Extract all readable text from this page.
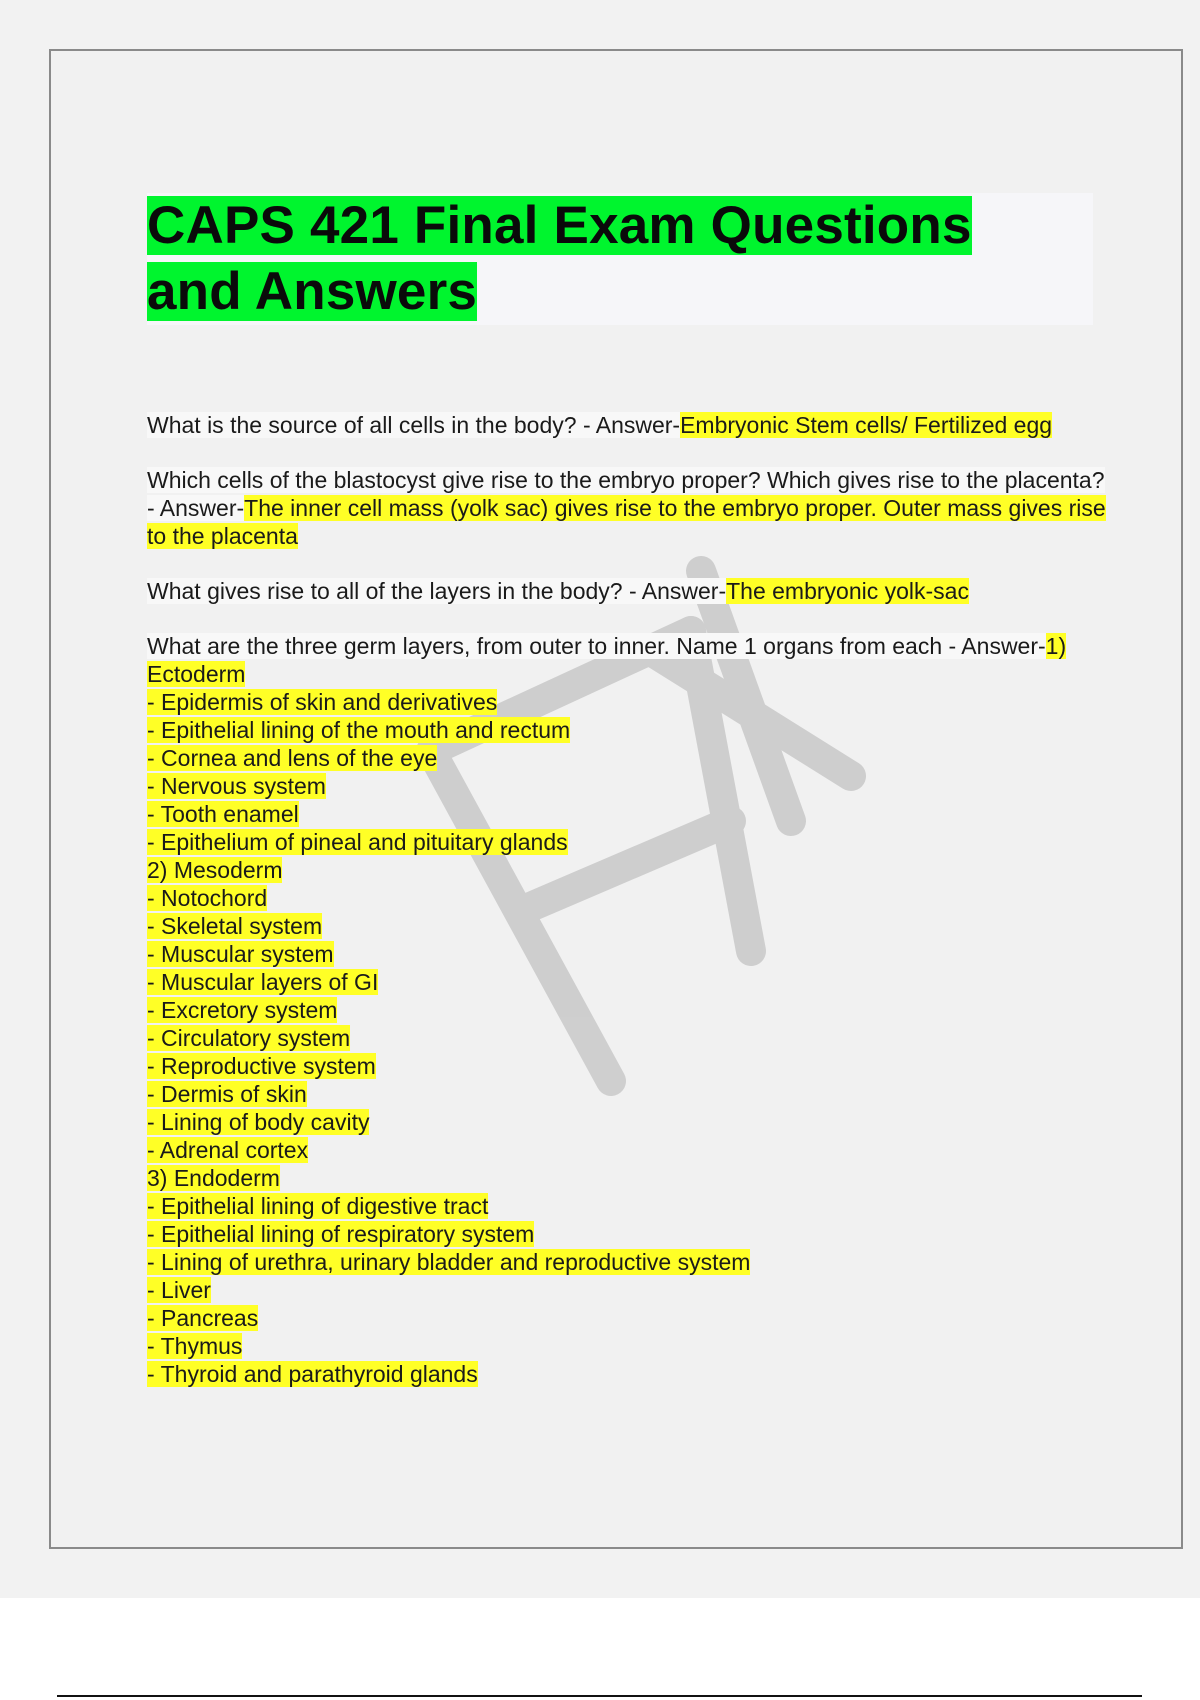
CAPS 421 Final Exam Questions
and Answers

What is the source of all cells in the body? - Answer-Embryonic Stem cells/ Fertilized egg

Which cells of the blastocyst give rise to the embryo proper? Which gives rise to the placenta? - Answer-The inner cell mass (yolk sac) gives rise to the embryo proper. Outer mass gives rise to the placenta

What gives rise to all of the layers in the body? - Answer-The embryonic yolk-sac

What are the three germ layers, from outer to inner. Name 1 organs from each - Answer-1) Ectoderm
- Epidermis of skin and derivatives
- Epithelial lining of the mouth and rectum
- Cornea and lens of the eye
- Nervous system
- Tooth enamel
- Epithelium of pineal and pituitary glands
2) Mesoderm
- Notochord
- Skeletal system
- Muscular system
- Muscular layers of GI
- Excretory system
- Circulatory system
- Reproductive system
- Dermis of skin
- Lining of body cavity
- Adrenal cortex
3) Endoderm
- Epithelial lining of digestive tract
- Epithelial lining of respiratory system
- Lining of urethra, urinary bladder and reproductive system
- Liver
- Pancreas
- Thymus
- Thyroid and parathyroid glands
